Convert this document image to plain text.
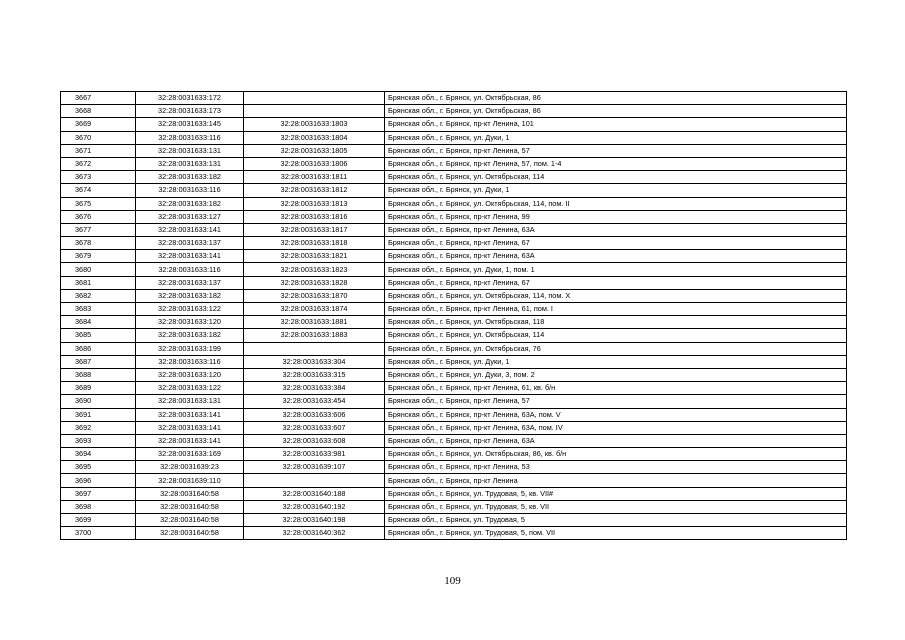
3667	32:28:0031633:172		Брянская обл., г. Брянск, ул. Октябрьская, 86
3668	32:28:0031633:173		Брянская обл., г. Брянск, ул. Октябрьская, 86
3669	32:28:0031633:145	32:28:0031633:1803	Брянская обл., г. Брянск, пр-кт Ленина, 101
3670	32:28:0031633:116	32:28:0031633:1804	Брянская обл., г. Брянск, ул. Дуки, 1
3671	32:28:0031633:131	32:28:0031633:1805	Брянская обл., г. Брянск, пр-кт Ленина, 57
3672	32:28:0031633:131	32:28:0031633:1806	Брянская обл., г. Брянск, пр-кт Ленина, 57, пом. 1-4
3673	32:28:0031633:182	32:28:0031633:1811	Брянская обл., г. Брянск, ул. Октябрьская, 114
3674	32:28:0031633:116	32:28:0031633:1812	Брянская обл., г. Брянск, ул. Дуки, 1
3675	32:28:0031633:182	32:28:0031633:1813	Брянская обл., г. Брянск, ул. Октябрьская, 114, пом. II
3676	32:28:0031633:127	32:28:0031633:1816	Брянская обл., г. Брянск, пр-кт Ленина, 99
3677	32:28:0031633:141	32:28:0031633:1817	Брянская обл., г. Брянск, пр-кт Ленина, 63А
3678	32:28:0031633:137	32:28:0031633:1818	Брянская обл., г. Брянск, пр-кт Ленина, 67
3679	32:28:0031633:141	32:28:0031633:1821	Брянская обл., г. Брянск, пр-кт Ленина, 63А
3680	32:28:0031633:116	32:28:0031633:1823	Брянская обл., г. Брянск, ул. Дуки, 1, пом. 1
3681	32:28:0031633:137	32:28:0031633:1828	Брянская обл., г. Брянск, пр-кт Ленина, 67
3682	32:28:0031633:182	32:28:0031633:1870	Брянская обл., г. Брянск, ул. Октябрьская, 114, пом. X
3683	32:28:0031633:122	32:28:0031633:1874	Брянская обл., г. Брянск, пр-кт Ленина, 61, пом. I
3684	32:28:0031633:120	32:28:0031633:1881	Брянская обл., г. Брянск, ул. Октябрьская, 118
3685	32:28:0031633:182	32:28:0031633:1883	Брянская обл., г. Брянск, ул. Октябрьская, 114
3686	32:28:0031633:199		Брянская обл., г. Брянск, ул. Октябрьская, 76
3687	32:28:0031633:116	32:28:0031633:304	Брянская обл., г. Брянск, ул. Дуки, 1
3688	32:28:0031633:120	32:28:0031633:315	Брянская обл., г. Брянск, ул. Дуки, 3, пом. 2
3689	32:28:0031633:122	32:28:0031633:384	Брянская обл., г. Брянск, пр-кт Ленина, 61, кв. б/н
3690	32:28:0031633:131	32:28:0031633:454	Брянская обл., г. Брянск, пр-кт Ленина, 57
3691	32:28:0031633:141	32:28:0031633:606	Брянская обл., г. Брянск, пр-кт Ленина, 63А, пом. V
3692	32:28:0031633:141	32:28:0031633:607	Брянская обл., г. Брянск, пр-кт Ленина, 63А, пом. IV
3693	32:28:0031633:141	32:28:0031633:608	Брянская обл., г. Брянск, пр-кт Ленина, 63А
3694	32:28:0031633:169	32:28:0031633:981	Брянская обл., г. Брянск, ул. Октябрьская, 86, кв. б/н
3695	32:28:0031639:23	32:28:0031639:107	Брянская обл., г. Брянск, пр-кт Ленина, 53
3696	32:28:0031639:110		Брянская обл., г. Брянск, пр-кт Ленина
3697	32:28:0031640:58	32:28:0031640:188	Брянская обл., г. Брянск, ул. Трудовая, 5, кв. VII#
3698	32:28:0031640:58	32:28:0031640:192	Брянская обл., г. Брянск, ул. Трудовая, 5, кв. VII
3699	32:28:0031640:58	32:28:0031640:198	Брянская обл., г. Брянск, ул. Трудовая, 5
3700	32:28:0031640:58	32:28:0031640:362	Брянская обл., г. Брянск, ул. Трудовая, 5, пом. VII
109
